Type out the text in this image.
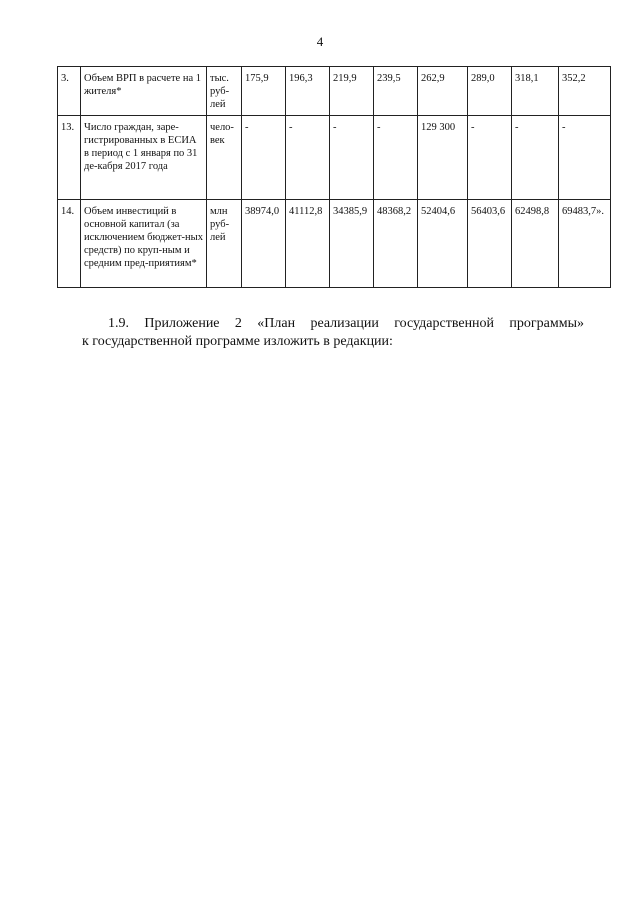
4
3.	Объем ВРП в расчете на 1 жителя*	тыс. руб-лей	175,9	196,3	219,9	239,5	262,9	289,0	318,1	352,2
13.	Число граждан, заре-гистрированных в ЕСИА в период с 1 января по 31 де-кабря 2017 года	чело-век	-	-	-	-	129 300	-	-	-
14.	Объем инвестиций в основной капитал (за исключением бюджет-ных средств) по круп-ным и средним пред-приятиям*	млн руб-лей	38974,0	41112,8	34385,9	48368,2	52404,6	56403,6	62498,8	69483,7».
1.9. Приложение 2 «План реализации государственной программы»
к государственной программе изложить в редакции:
